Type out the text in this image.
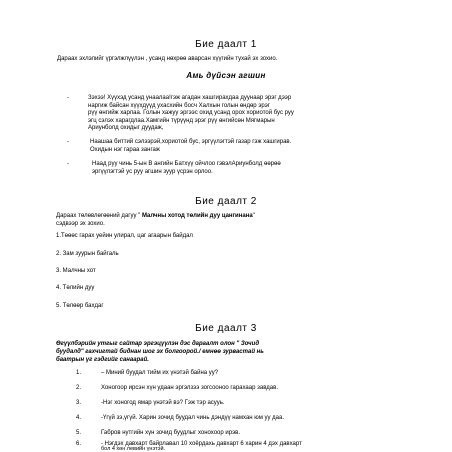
Бие даалт 1
Дараах эхлэлийг үргэлжлүүлэн , усанд нөхрөө аварсан хүүгийн тухай эх зохио.
Амь дүйсэн агшин
-	Зэхээ! Хүүхэд усанд унаалаа!гэж агадан хашгирахдаа дуунаар эрэг дээр
наргиж байсан хүүхдүүд ухасхийн босч Халхын голын өндөр эрэг
рүү өнгийж харлаа. Голын хажуу эргээс охид усанд орох хориотой бус руу
эгц сэлэх харагдлаа.Хамгийн түрүүнд эрэг рүү өнгийсөн Мягмарын
Ариунболд охидыг дуудаж,
-	Наашаа биттий сэлээрэй,хориотой бус, эргүүлэгтэй газар гэж хашгирав.
Охидын нэг гараа зангаж
-	Наад руу чинь 5-ын В ангийн Батхүү ойчлоо гэвэлАриунболд өөрөө
эргүүлэгтэй ус руу агшин зуур үсрэн орлоо.
Бие даалт 2
Дараах төлөвлөгөөний дагуу " Малчны хотод төлийн дуу цангинана"
сэдвээр эх зохио.
1.Төөөс гарах уейин улирал, цаг агаарын байдал
2. Зам зуурын байгаль
3. Малчны хот
4. Төлийн дуу
5. Төлөөр бахдаг
Бие даалт 3
Өгүүлбэрийн утгыг сайтар эргэцүүлэн дэс дараалт олон " Зочид
буудалд" гахчигтай биднан шог эх болгоорой./ емнөө зурвастай нь
баатрын үг гэдгийг санаарай.
1.	– Миний буудал тийм их үнэтэй байна уу?
2.	Хоногоор ирсэн хүн удаан эргэлзээ зогсооноо гарахаар завдав.
3.	-Нэг хоногод ямар үнэтэй вэ? Гэж тэр асууь.
4.	-Үгүй зэ,үгүй. Харин зочид буудал чинь дэндүү намхан юм уу даа.
5.	Габров нутгийн хүн зочид буудлыг хонохоор ирэв.
6.	- Нэгдэх давхарт байрлавал 10 хоёрдахь давхарт 6 харин 4 дэх давхарт
бол 4 хөн левийн үнэтэй.
